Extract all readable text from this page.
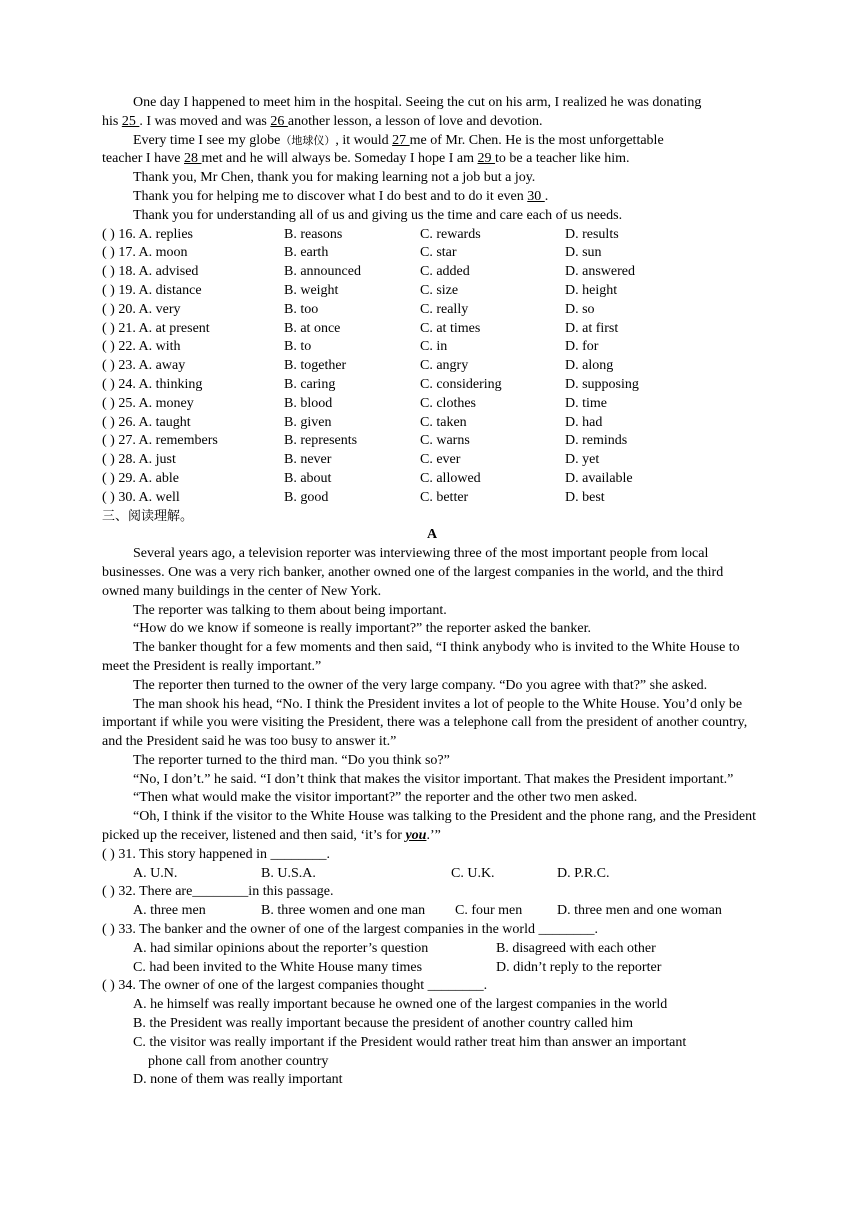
One day I happened to meet him in the hospital. Seeing the cut on his arm, I realized he was donating

his 25 . I was moved and was 26 another lesson, a lesson of love and devotion.

Every time I see my globe（地球仪）, it would 27 me of Mr. Chen. He is the most unforgettable

teacher I have 28 met and he will always be. Someday I hope I am 29 to be a teacher like him.

Thank you, Mr Chen, thank you for making learning not a job but a joy.

Thank you for helping me to discover what I do best and to do it even 30 .

Thank you for understanding all of us and giving us the time and care each of us needs.

( ) 16. A. replies	B. reasons	C. rewards	D. results
( ) 17. A. moon	B. earth	C. star	D. sun
( ) 18. A. advised	B. announced	C. added	D. answered
( ) 19. A. distance	B. weight	C. size	D. height
( ) 20. A. very	B. too	C. really	D. so
( ) 21. A. at present	B. at once	C. at times	D. at first
( ) 22. A. with	B. to	C. in	D. for
( ) 23. A. away	B. together	C. angry	D. along
( ) 24. A. thinking	B. caring	C. considering	D. supposing
( ) 25. A. money	B. blood	C. clothes	D. time
( ) 26. A. taught	B. given	C. taken	D. had
( ) 27. A. remembers	B. represents	C. warns	D. reminds
( ) 28. A. just	B. never	C. ever	D. yet
( ) 29. A. able	B. about	C. allowed	D. available
( ) 30. A. well	B. good	C. better	D. best

三、阅读理解。

A

Several years ago, a television reporter was interviewing three of the most important people from local businesses. One was a very rich banker, another owned one of the largest companies in the world, and the third owned many buildings in the center of New York.

The reporter was talking to them about being important.

“How do we know if someone is really important?” the reporter asked the banker.

The banker thought for a few moments and then said, “I think anybody who is invited to the White House to meet the President is really important.”

The reporter then turned to the owner of the very large company. “Do you agree with that?” she asked.

The man shook his head, “No. I think the President invites a lot of people to the White House. You’d only be important if while you were visiting the President, there was a telephone call from the president of another country, and the President said he was too busy to answer it.”

The reporter turned to the third man. “Do you think so?”

“No, I don’t.” he said. “I don’t think that makes the visitor important. That makes the President important.”

“Then what would make the visitor important?” the reporter and the other two men asked.

“Oh, I think if the visitor to the White House was talking to the President and the phone rang, and the President picked up the receiver, listened and then said, ‘it’s for you.’”

( ) 31. This story happened in ________.

A. U.N.	B. U.S.A.	C. U.K.	D. P.R.C.

( ) 32. There are________in this passage.

A. three men	B. three women and one man C. four men D. three men and one woman

( ) 33. The banker and the owner of one of the largest companies in the world ________.

A. had similar opinions about the reporter’s question	B. disagreed with each other
C. had been invited to the White House many times	D. didn’t reply to the reporter

( ) 34. The owner of one of the largest companies thought ________.

A. he himself was really important because he owned one of the largest companies in the world

B. the President was really important because the president of another country called him

C. the visitor was really important if the President would rather treat him than answer an important

phone call from another country

D. none of them was really important
